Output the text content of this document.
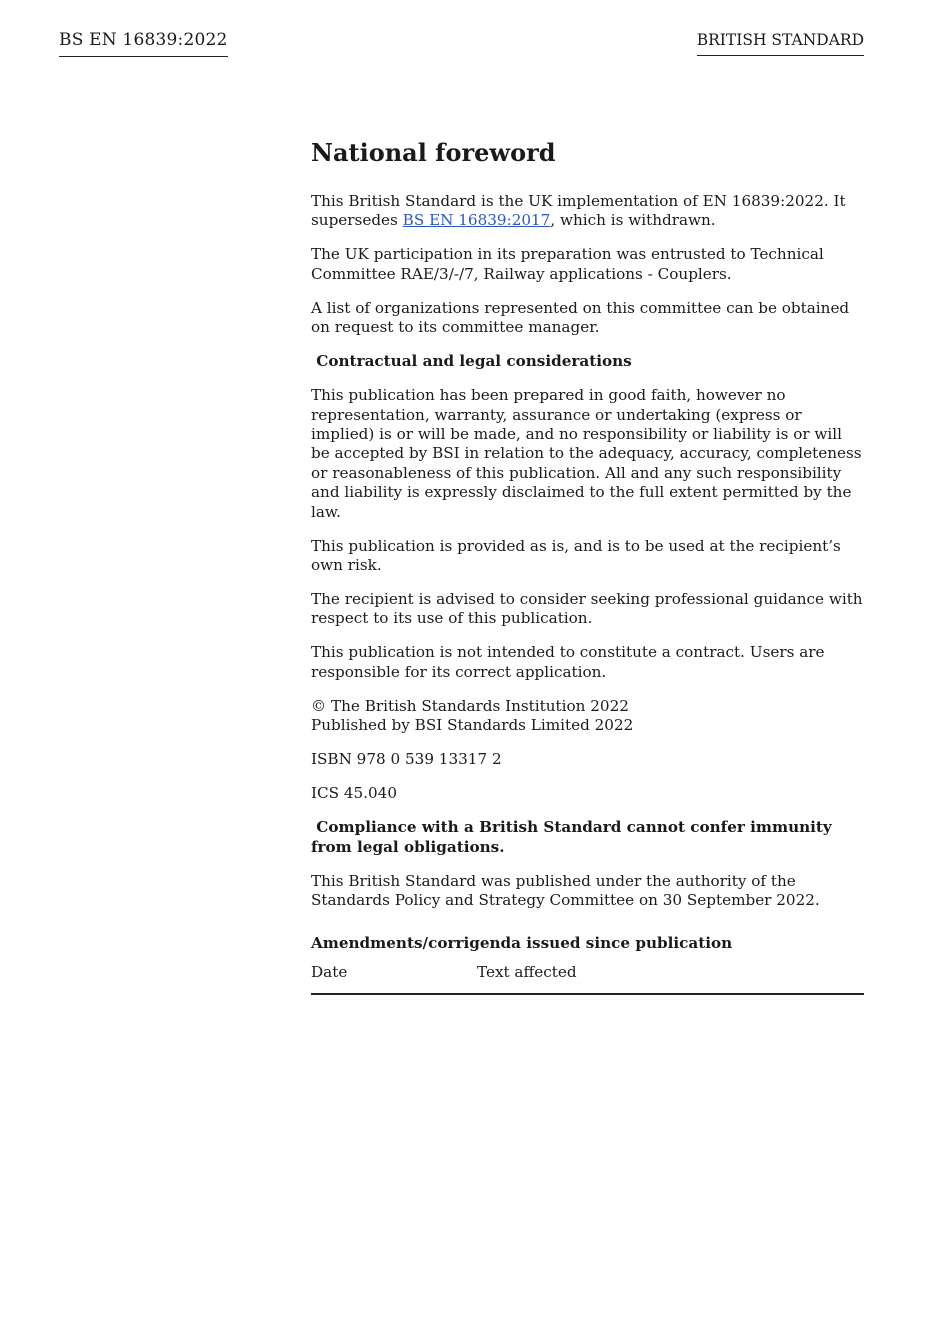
BS EN 16839:2022	BRITISH STANDARD
National foreword

This British Standard is the UK implementation of EN 16839:2022. It supersedes BS EN 16839:2017, which is withdrawn.

The UK participation in its preparation was entrusted to Technical Committee RAE/3/-/7, Railway applications - Couplers.

A list of organizations represented on this committee can be obtained on request to its committee manager.

Contractual and legal considerations

This publication has been prepared in good faith, however no representation, warranty, assurance or undertaking (express or implied) is or will be made, and no responsibility or liability is or will be accepted by BSI in relation to the adequacy, accuracy, completeness or reasonableness of this publication. All and any such responsibility and liability is expressly disclaimed to the full extent permitted by the law.

This publication is provided as is, and is to be used at the recipient’s own risk.

The recipient is advised to consider seeking professional guidance with respect to its use of this publication.

This publication is not intended to constitute a contract. Users are responsible for its correct application.

© The British Standards Institution 2022
Published by BSI Standards Limited 2022

ISBN 978 0 539 13317 2

ICS 45.040

Compliance with a British Standard cannot confer immunity from legal obligations.

This British Standard was published under the authority of the Standards Policy and Strategy Committee on 30 September 2022.

Amendments/corrigenda issued since publication
Date	Text affected
